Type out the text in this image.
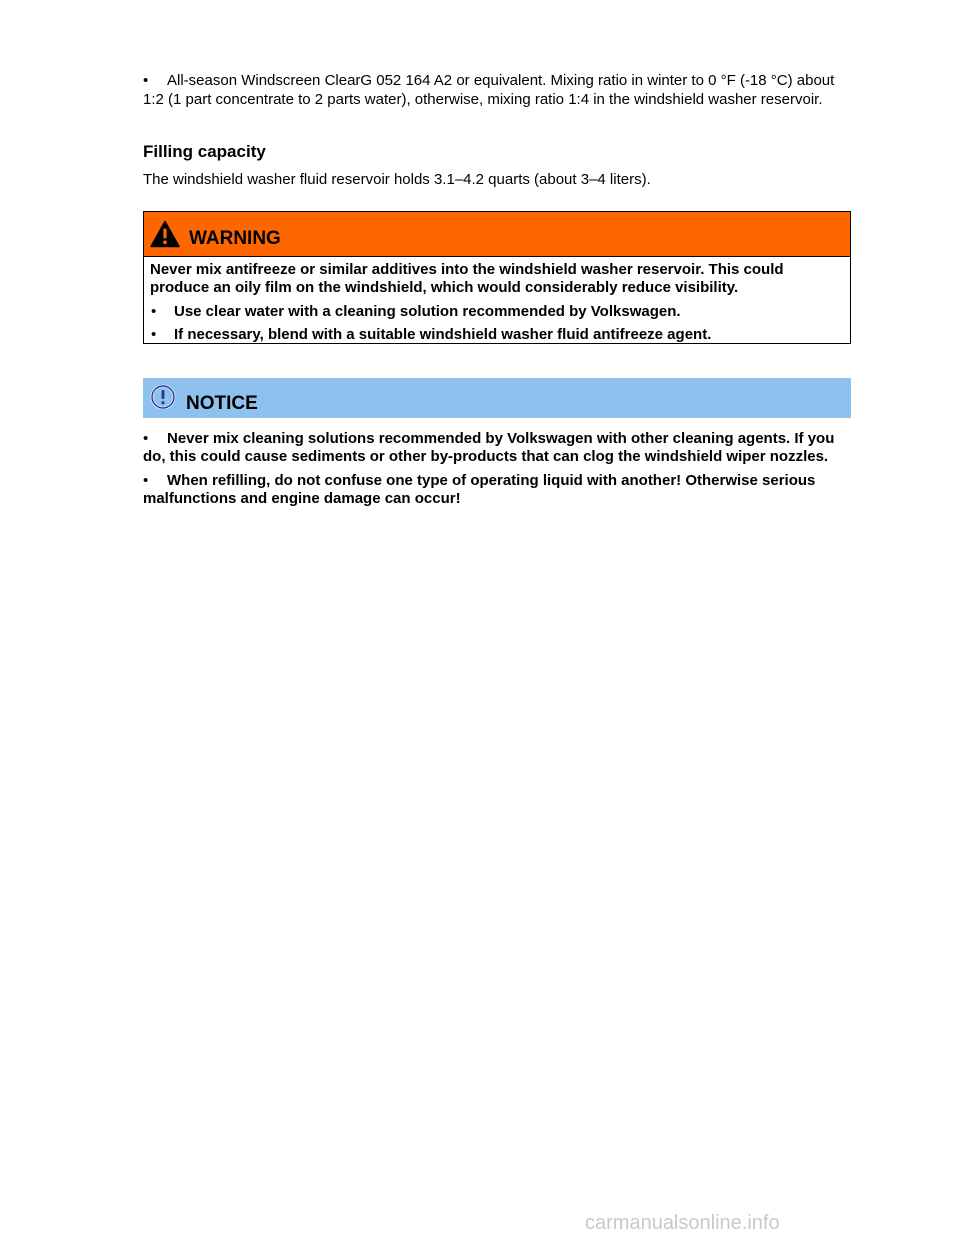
• All-season Windscreen ClearG 052 164 A2 or equivalent. Mixing ratio in winter to 0 °F (-18 °C) about 1:2 (1 part concentrate to 2 parts water), otherwise, mixing ratio 1:4 in the windshield washer reservoir.
Filling capacity
The windshield washer fluid reservoir holds 3.1–4.2 quarts (about 3–4 liters).
WARNING

Never mix antifreeze or similar additives into the windshield washer reservoir. This could produce an oily film on the windshield, which would considerably reduce visibility.

• Use clear water with a cleaning solution recommended by Volkswagen.
• If necessary, blend with a suitable windshield washer fluid antifreeze agent.
NOTICE
• Never mix cleaning solutions recommended by Volkswagen with other cleaning agents. If you do, this could cause sediments or other by-products that can clog the windshield wiper nozzles.
• When refilling, do not confuse one type of operating liquid with another! Otherwise serious malfunctions and engine damage can occur!
carmanualsonline.info
